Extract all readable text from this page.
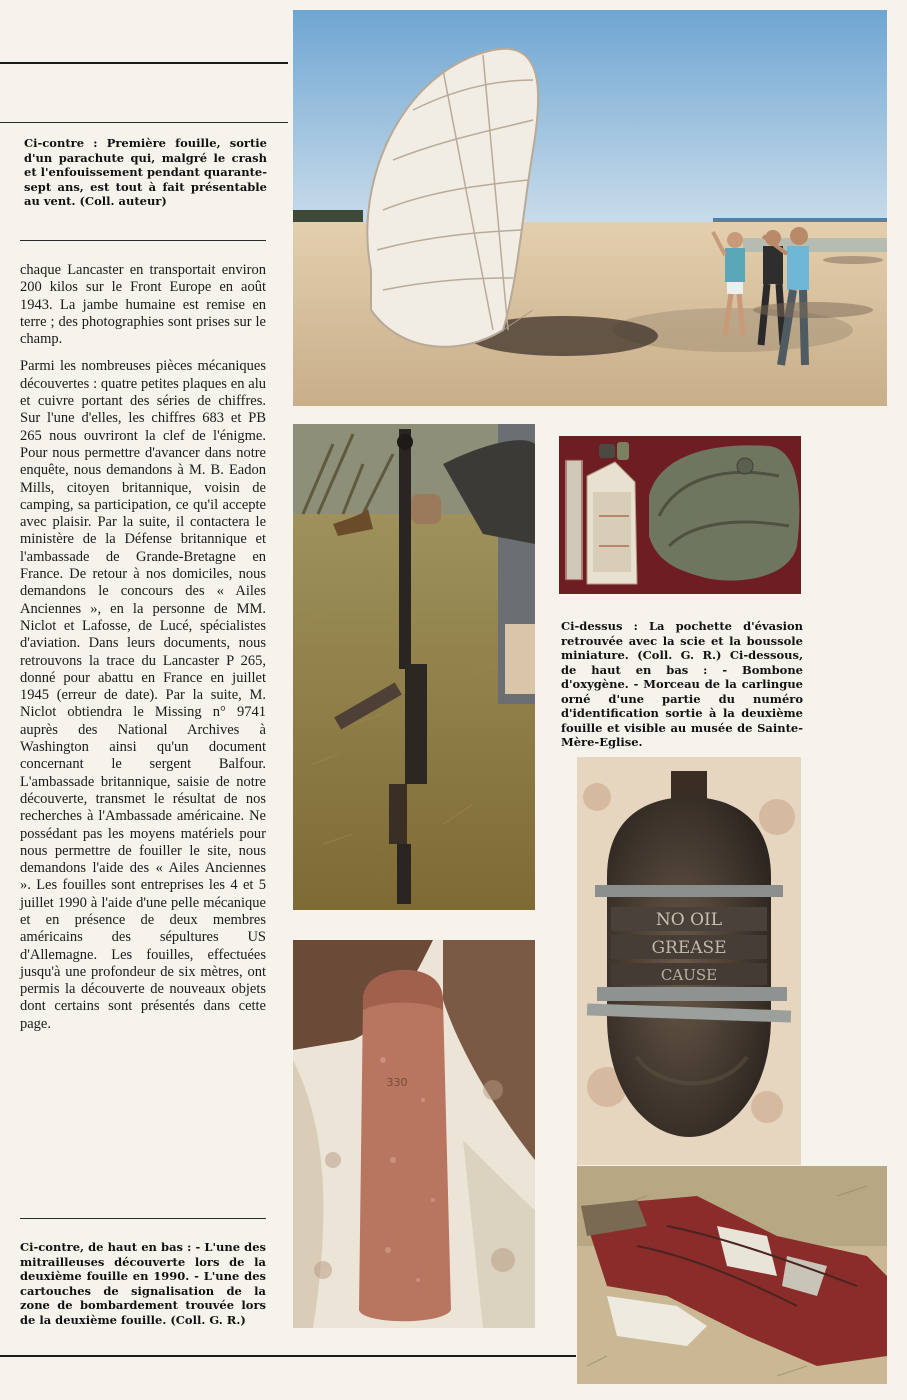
Ci-contre : Première fouille, sortie d'un parachute qui, malgré le crash et l'enfouissement pendant quarante-sept ans, est tout à fait présentable au vent. (Coll. auteur)

chaque Lancaster en transportait environ 200 kilos sur le Front Europe en août 1943. La jambe humaine est remise en terre ; des photographies sont prises sur le champ.

Parmi les nombreuses pièces mécaniques découvertes : quatre petites plaques en alu et cuivre portant des séries de chiffres. Sur l'une d'elles, les chiffres 683 et PB 265 nous ouvriront la clef de l'énigme. Pour nous permettre d'avancer dans notre enquête, nous demandons à M. B. Eadon Mills, citoyen britannique, voisin de camping, sa participation, ce qu'il accepte avec plaisir. Par la suite, il contactera le ministère de la Défense britannique et l'ambassade de Grande-Bretagne en France. De retour à nos domiciles, nous demandons le concours des « Ailes Anciennes », en la personne de MM. Niclot et Lafosse, de Lucé, spécialistes d'aviation. Dans leurs documents, nous retrouvons la trace du Lancaster P 265, donné pour abattu en France en juillet 1945 (erreur de date). Par la suite, M. Niclot obtiendra le Missing n° 9741 auprès des National Archives à Washington ainsi qu'un document concernant le sergent Balfour. L'ambassade britannique, saisie de notre découverte, transmet le résultat de nos recherches à l'Ambassade américaine. Ne possédant pas les moyens matériels pour nous permettre de fouiller le site, nous demandons l'aide des « Ailes Anciennes ». Les fouilles sont entreprises les 4 et 5 juillet 1990 à l'aide d'une pelle mécanique et en présence de deux membres américains des sépultures US d'Allemagne. Les fouilles, effectuées jusqu'à une profondeur de six mètres, ont permis la découverte de nouveaux objets dont certains sont présentés dans cette page.

Ci-contre, de haut en bas : - L'une des mitrailleuses découverte lors de la deuxième fouille en 1990. - L'une des cartouches de signalisation de la zone de bombardement trouvée lors de la deuxième fouille. (Coll. G. R.)
Ci-dessus : La pochette d'évasion retrouvée avec la scie et la boussole miniature. (Coll. G. R.) Ci-dessous, de haut en bas : - Bombone d'oxygène. - Morceau de la carlingue orné d'une partie du numéro d'identification sortie à la deuxième fouille et visible au musée de Sainte-Mère-Eglise.
NO OIL
GREASE
CAUSE
330
